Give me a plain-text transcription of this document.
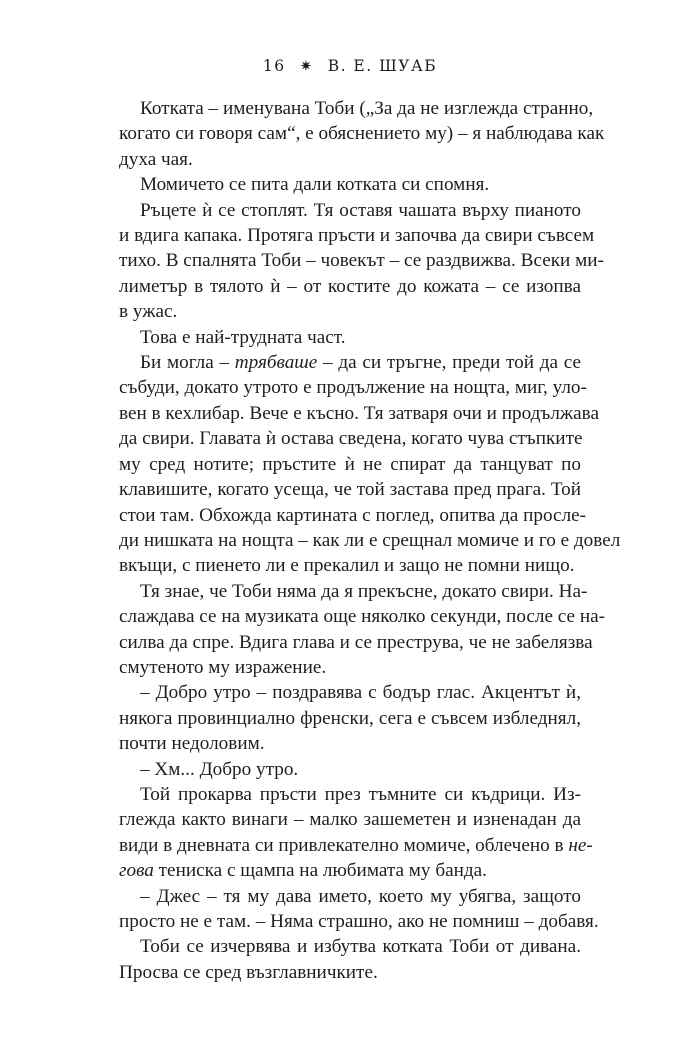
16 ✷ В. Е. ШУАБ
Котката – именувана Тоби („За да не изглежда странно,
когато си говоря сам“, е обяснението му) – я наблюдава как
духа чая.
Момичето се пита дали котката си спомня.
Ръцете ѝ се стоплят. Тя оставя чашата върху пианото
и вдига капака. Протяга пръсти и започва да свири съвсем
тихо. В спалнята Тоби – човекът – се раздвижва. Всеки ми-
лиметър в тялото ѝ – от костите до кожата – се изопва
в ужас.
Това е най-трудната част.
Би могла – трябваше – да си тръгне, преди той да се
събуди, докато утрото е продължение на нощта, миг, уло-
вен в кехлибар. Вече е късно. Тя затваря очи и продължава
да свири. Главата ѝ остава сведена, когато чува стъпките
му сред нотите; пръстите ѝ не спират да танцуват по
клавишите, когато усеща, че той застава пред прага. Той
стои там. Обхожда картината с поглед, опитва да просле-
ди нишката на нощта – как ли е срещнал момиче и го е довел
вкъщи, с пиенето ли е прекалил и защо не помни нищо.
Тя знае, че Тоби няма да я прекъсне, докато свири. На-
слаждава се на музиката още няколко секунди, после се на-
силва да спре. Вдига глава и се преструва, че не забелязва
смутеното му изражение.
– Добро утро – поздравява с бодър глас. Акцентът ѝ,
някога провинциално френски, сега е съвсем избледнял,
почти недоловим.
– Хм... Добро утро.
Той прокарва пръсти през тъмните си къдрици. Из-
глежда както винаги – малко зашеметен и изненадан да
види в дневната си привлекателно момиче, облечено в не-
гова тениска с щампа на любимата му банда.
– Джес – тя му дава името, което му убягва, защото
просто не е там. – Няма страшно, ако не помниш – добавя.
Тоби се изчервява и избутва котката Тоби от дивана.
Просва се сред възглавничките.
